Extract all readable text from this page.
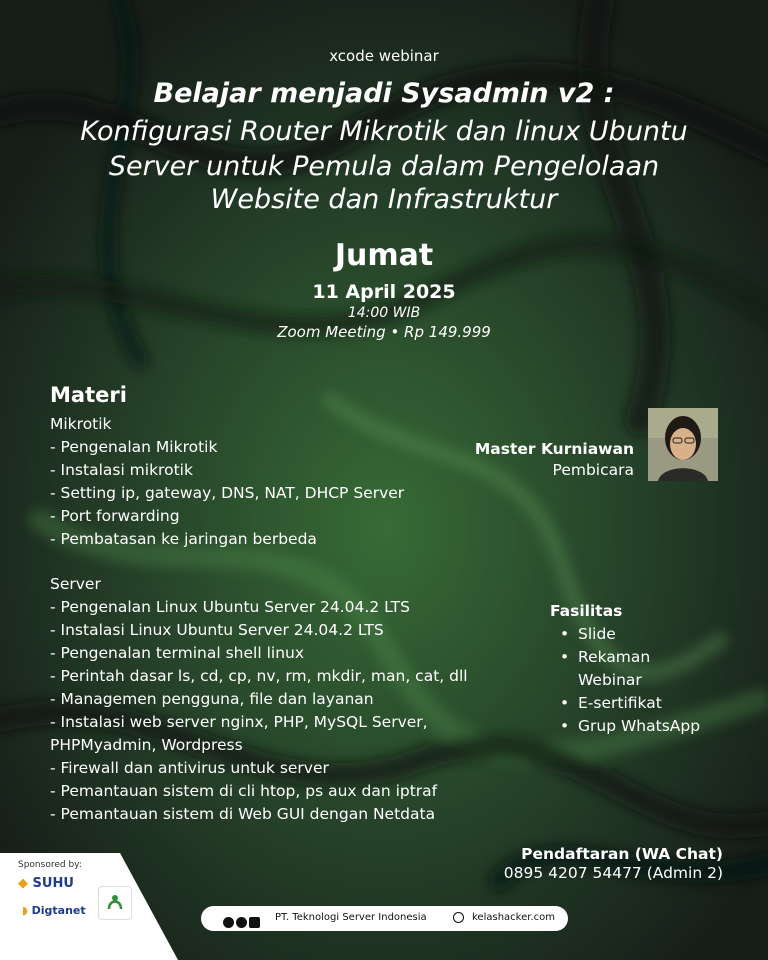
xcode webinar
Belajar menjadi Sysadmin v2 :
Konfigurasi Router Mikrotik dan linux Ubuntu
Server untuk Pemula dalam Pengelolaan
Website dan Infrastruktur
Jumat
11 April 2025
14:00 WIB
Zoom Meeting • Rp 149.999
Materi
Mikrotik
- Pengenalan Mikrotik
- Instalasi mikrotik
- Setting ip, gateway, DNS, NAT, DHCP Server
- Port forwarding
- Pembatasan ke jaringan berbeda
Server
- Pengenalan Linux Ubuntu Server 24.04.2 LTS
- Instalasi Linux Ubuntu Server 24.04.2 LTS
- Pengenalan terminal shell linux
- Perintah dasar ls, cd, cp, nv, rm, mkdir, man, cat, dll
- Managemen pengguna, file dan layanan
- Instalasi web server nginx, PHP, MySQL Server,
PHPMyadmin, Wordpress
- Firewall dan antivirus untuk server
- Pemantauan sistem di cli htop, ps aux dan iptraf
- Pemantauan sistem di Web GUI dengan Netdata
Master Kurniawan
Pembicara
Fasilitas
• Slide
• Rekaman Webinar
• E-sertifikat
• Grup WhatsApp
Pendaftaran (WA Chat)
0895 4207 54477 (Admin 2)
Sponsored by:
◆ SUHU
◗ Digtanet
PT. Teknologi Server Indonesia	kelashacker.com
